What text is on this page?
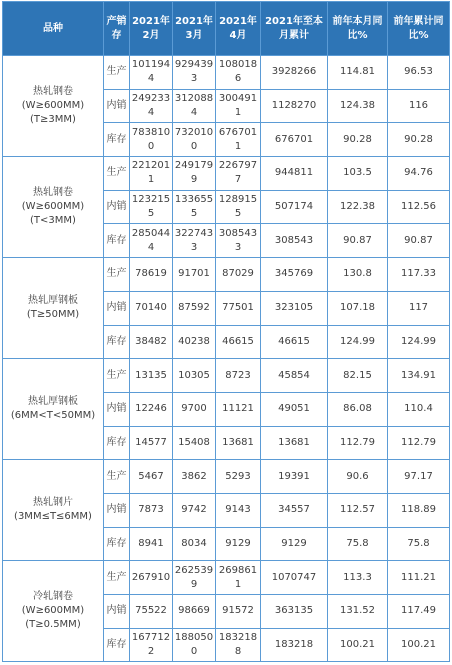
品种	产销存	2021年2月	2021年3月	2021年4月	2021年至本月累计	前年本月同比%	前年累计同比%
热轧钢卷(W≥600MM)(T≥3MM)	生产	1011944	9294393	1080186	3928266	114.81	96.53
	内销	2492334	3120884	3004911	1128270	124.38	116
	库存	7838100	7320100	6767011	676701	90.28	90.28
热轧钢卷(W≥600MM)(T<3MM)	生产	2212011	2491799	2267977	944811	103.5	94.76
	内销	1232155	1336555	1289155	507174	122.38	112.56
	库存	2850444	3227433	3085433	308543	90.87	90.87
热轧厚钢板(T≥50MM)	生产	78619	91701	87029	345769	130.8	117.33
	内销	70140	87592	77501	323105	107.18	117
	库存	38482	40238	46615	46615	124.99	124.99
热轧厚钢板(6MM<T<50MM)	生产	13135	10305	8723	45854	82.15	134.91
	内销	12246	9700	11121	49051	86.08	110.4
	库存	14577	15408	13681	13681	112.79	112.79
热轧钢片(3MM≤T≤6MM)	生产	5467	3862	5293	19391	90.6	97.17
	内销	7873	9742	9143	34557	112.57	118.89
	库存	8941	8034	9129	9129	75.8	75.8
冷轧钢卷(W≥600MM)(T≥0.5MM)	生产	267910	2625399	2698611	1070747	113.3	111.21
	内销	75522	98669	91572	363135	131.52	117.49
	库存	1677122	1880500	1832188	183218	100.21	100.21
